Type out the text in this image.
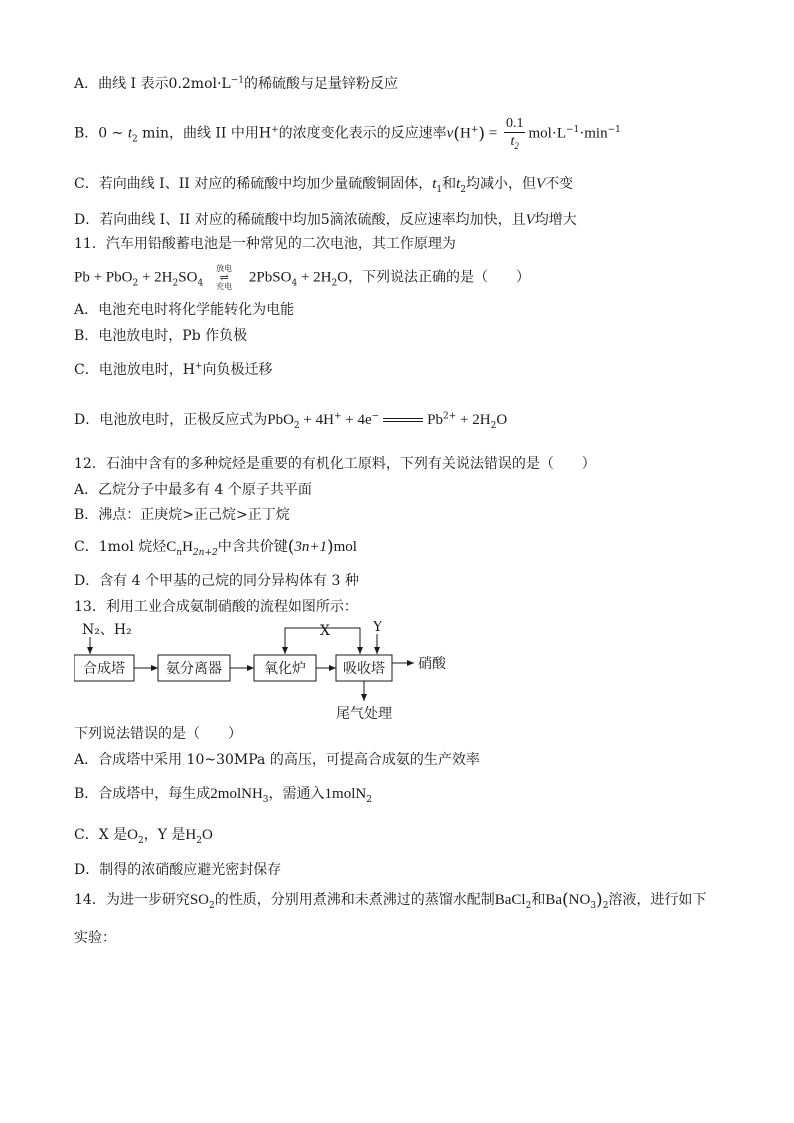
A．曲线 I 表示$0.2mol\cdot L^{-1}$的稀硫酸与足量锌粉反应
B．0 ~ $t_2$ min，曲线 II 中用H+的浓度变化表示的反应速率$v(H^+) = \frac{0.1}{t_2} mol\cdot L^{-1}\cdot\min^{-1}$
C．若向曲线 I、II 对应的稀硫酸中均加少量硫酸铜固体，$t_1$和$t_2$均减小，但V不变
D．若向曲线 I、II 对应的稀硫酸中均加5滴浓硫酸，反应速率均加快，且V均增大
11．汽车用铅酸蓄电池是一种常见的二次电池，其工作原理为
$Pb + PbO_2 + 2H_2SO_4$
放电
⇌
充电
2PbSO$_4$ + $2H_2O$，下列说法正确的是（　　）
A．电池充电时将化学能转化为电能
B．电池放电时，Pb 作负极
C．电池放电时，H+向负极迁移
D．电池放电时，正极反应式为PbO$_2$ + 4H+ + 4e−	$Pb^{2+} + 2H_2O$
12．石油中含有的多种烷烃是重要的有机化工原料，下列有关说法错误的是（　　）
A．乙烷分子中最多有 4 个原子共平面
B．沸点：正庚烷>正己烷>正丁烷
C．1mol 烷烃$C_nH_{2n+2}$中含共价键(3n+1)mol
D．含有 4 个甲基的己烷的同分异构体有 3 种
13．利用工业合成氨制硝酸的流程如图所示：
N₂、H₂
合成塔	氨分离器	氧化炉	吸收塔
X	Y
硝酸
尾气处理
下列说法错误的是（　　）
A．合成塔中采用 10~30MPa 的高压，可提高合成氨的生产效率
B．合成塔中，每生成2molNH$_3$，需通入1molN$_2$
C．X 是$O_2$，Y 是$H_2O$
D．制得的浓硝酸应避光密封保存
14．为进一步研究$SO_2$的性质，分别用煮沸和未煮沸过的蒸馏水配制BaCl$_2$和$Ba(NO_3)_2$溶液，进行如下
实验：
